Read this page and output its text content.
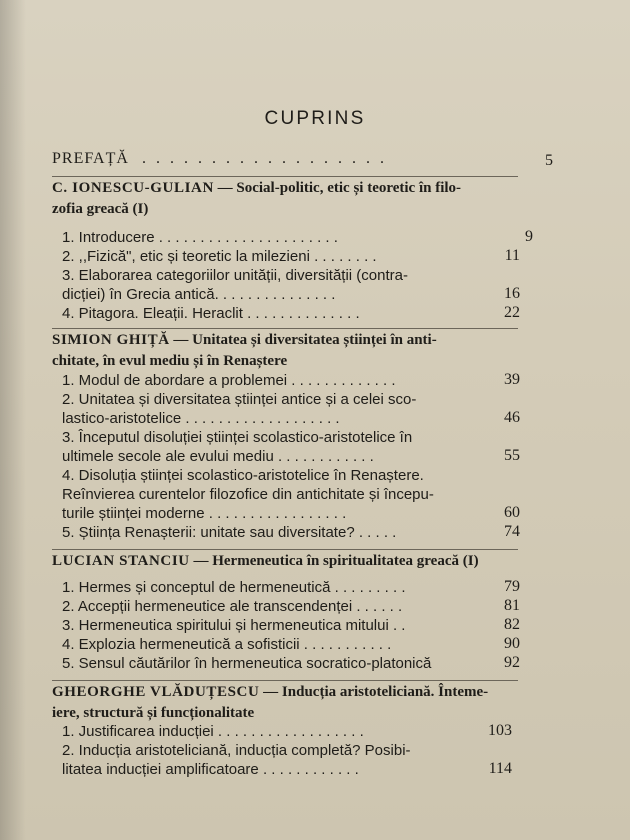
CUPRINS
PREFAȚĂ . . . . . . . . . . . . . . . . . .	5
C. IONESCU-GULIAN — Social-politic, etic și teoretic în filo-
zofia greacă (I)
1. Introducere . . . . . . . . . . . . . . . . . . . . . .	9
2. ,,Fizică", etic și teoretic la milezieni . . . . . . . .	11
3. Elaborarea categoriilor unității, diversității (contra-
dicției) în Grecia antică. . . . . . . . . . . . . . .	16
4. Pitagora. Eleații. Heraclit . . . . . . . . . . . . . .	22
SIMION GHIȚĂ — Unitatea și diversitatea științei în anti-
chitate, în evul mediu și în Renaștere
1. Modul de abordare a problemei . . . . . . . . . . . . .	39
2. Unitatea și diversitatea științei antice și a celei sco-
lastico-aristotelice . . . . . . . . . . . . . . . . . . .	46
3. Începutul disoluției științei scolastico-aristotelice în
ultimele secole ale evului mediu . . . . . . . . . . . .	55
4. Disoluția științei scolastico-aristotelice în Renaștere.
Reînvierea curentelor filozofice din antichitate și începu-
turile științei moderne . . . . . . . . . . . . . . . . .	60
5. Știința Renașterii: unitate sau diversitate? . . . . .	74
LUCIAN STANCIU — Hermeneutica în spiritualitatea greacă (I)
1. Hermes și conceptul de hermeneutică . . . . . . . . .	79
2. Accepții hermeneutice ale transcendenței . . . . . .	81
3. Hermeneutica spiritului și hermeneutica mitului . .	82
4. Explozia hermeneutică a sofisticii . . . . . . . . . . .	90
5. Sensul căutărilor în hermeneutica socratico-platonică	92
GHEORGHE VLĂDUȚESCU — Inducția aristoteliciană. Înteme-
iere, structură și funcționalitate
1. Justificarea inducției . . . . . . . . . . . . . . . . . .	103
2. Inducția aristoteliciană, inducția completă? Posibi-
litatea inducției amplificatoare . . . . . . . . . . . .	114
